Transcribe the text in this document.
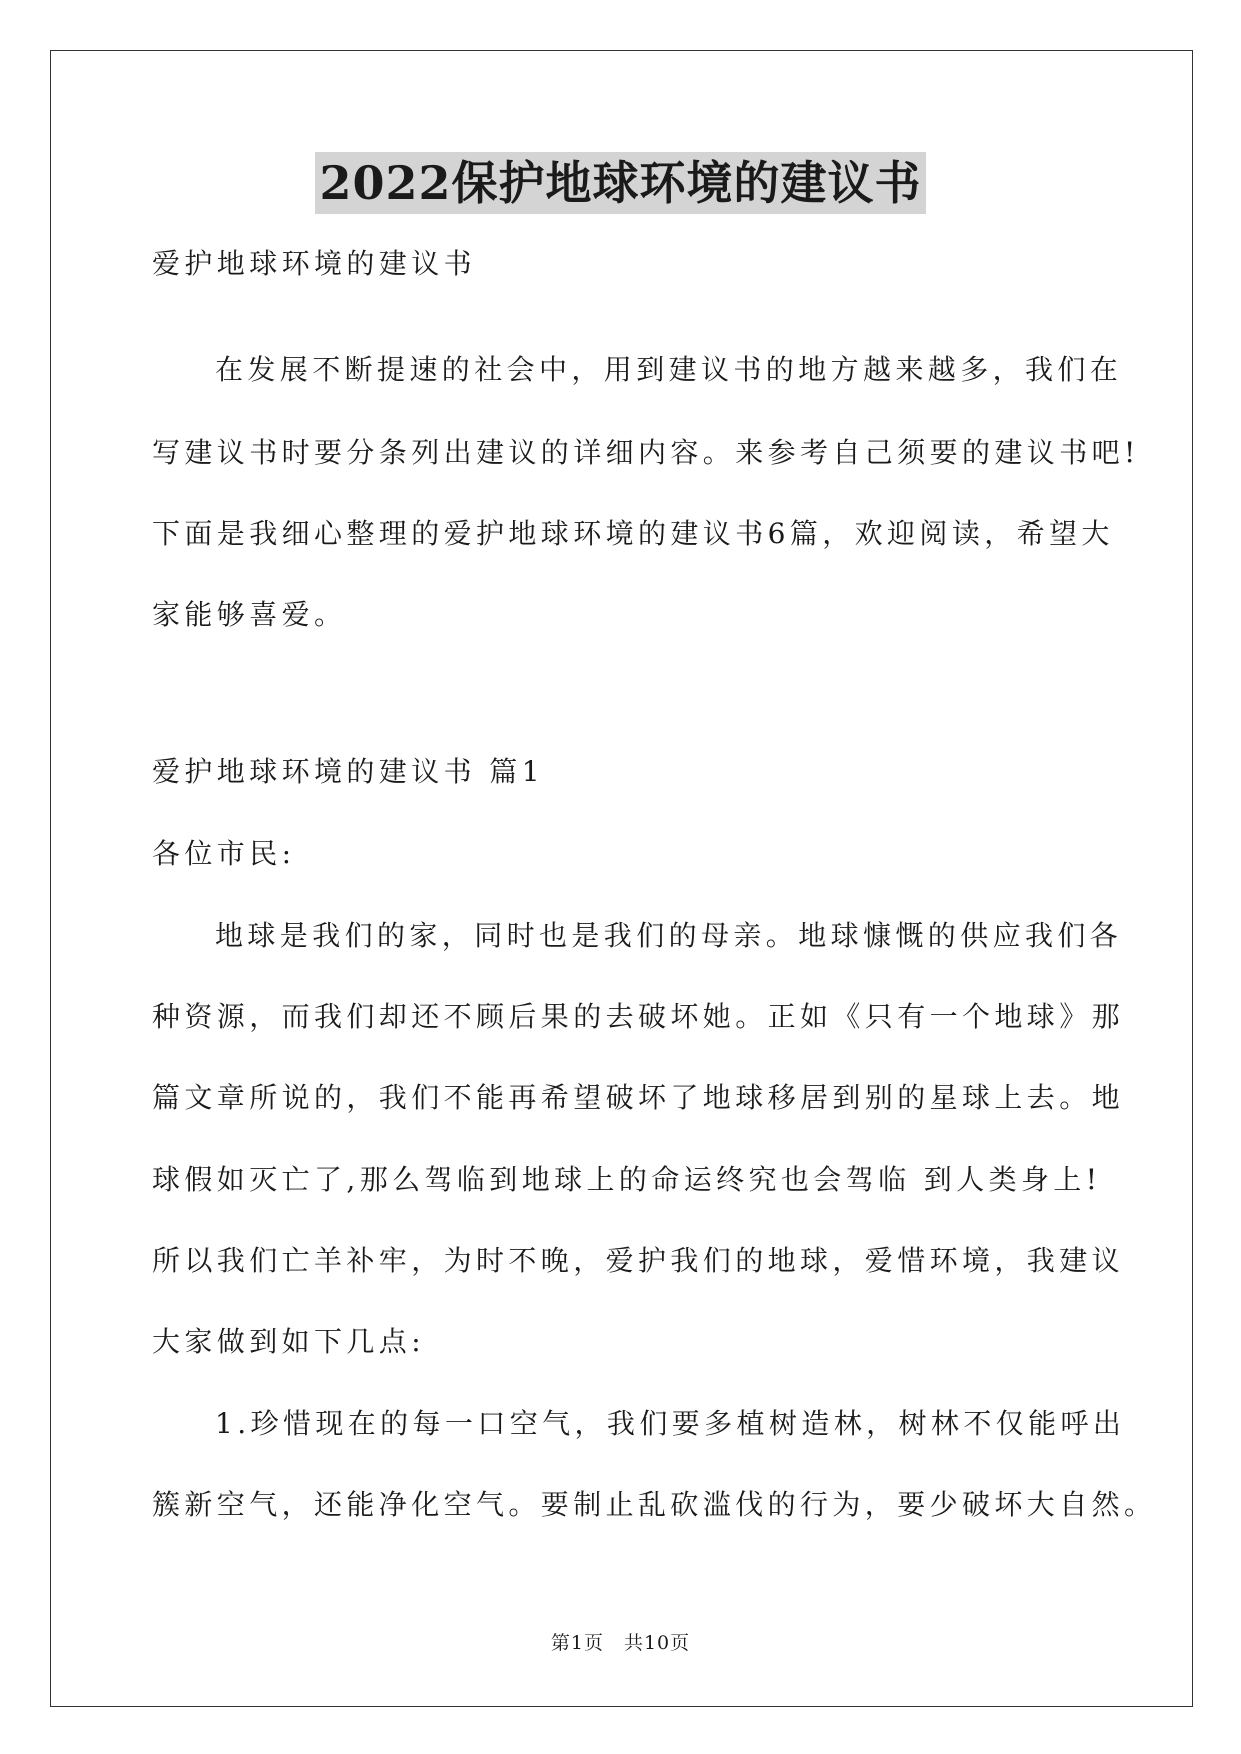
2022保护地球环境的建议书
爱护地球环境的建议书
在发展不断提速的社会中，用到建议书的地方越来越多，我们在
写建议书时要分条列出建议的详细内容。来参考自己须要的建议书吧!
下面是我细心整理的爱护地球环境的建议书6篇，欢迎阅读，希望大
家能够喜爱。
爱护地球环境的建议书 篇1
各位市民:
地球是我们的家，同时也是我们的母亲。地球慷慨的供应我们各
种资源，而我们却还不顾后果的去破坏她。正如《只有一个地球》那
篇文章所说的，我们不能再希望破坏了地球移居到别的星球上去。地
球假如灭亡了,那么驾临到地球上的命运终究也会驾临 到人类身上!
所以我们亡羊补牢，为时不晚，爱护我们的地球，爱惜环境，我建议
大家做到如下几点:
1.珍惜现在的每一口空气，我们要多植树造林，树林不仅能呼出
簇新空气，还能净化空气。要制止乱砍滥伐的行为，要少破坏大自然。
第1页 共10页
